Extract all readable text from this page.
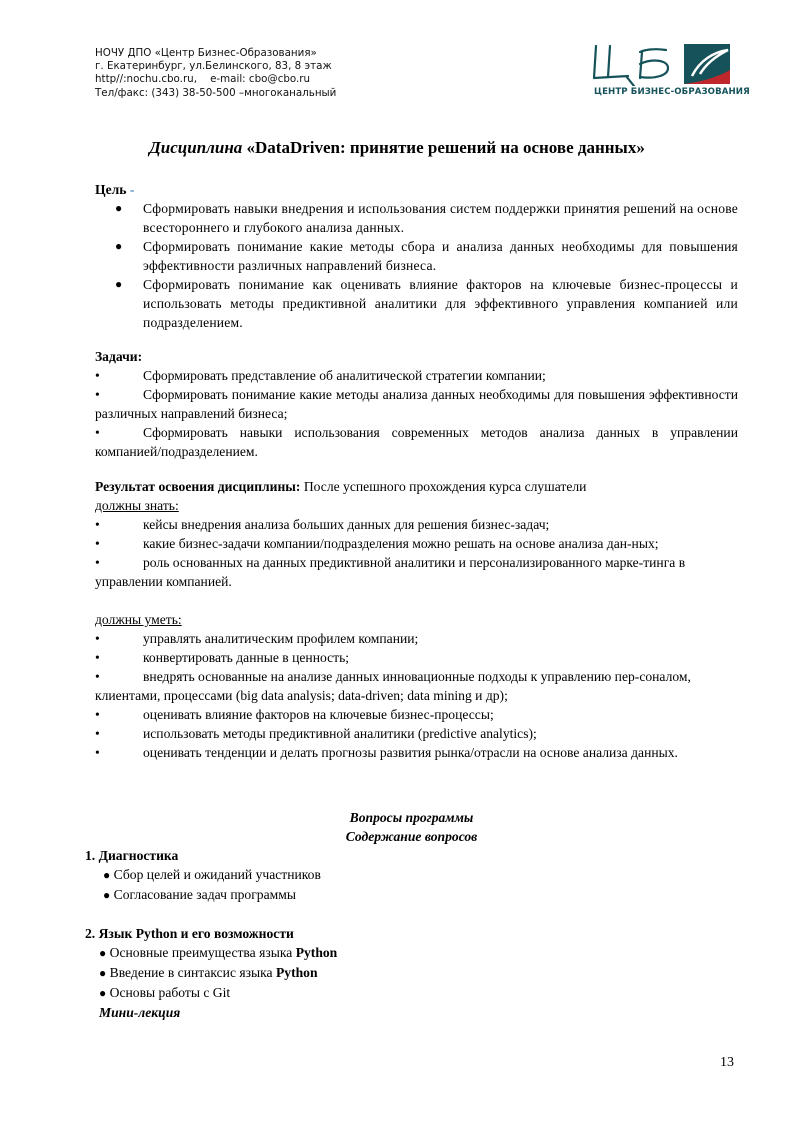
НОЧУ ДПО «Центр Бизнес-Образования»
г. Екатеринбург, ул.Белинского, 83, 8 этаж
http//:nochu.cbo.ru,    e-mail: cbo@cbo.ru
Тел/факс: (343) 38-50-500 –многоканальный	ЦЕНТР БИЗНЕС-ОБРАЗОВАНИЯ
Дисциплина «DataDriven: принятие решений на основе данных»
Цель -
● Сформировать навыки внедрения и использования систем поддержки принятия решений на основе всестороннего и глубокого анализа данных.
● Сформировать понимание какие методы сбора и анализа данных необходимы для повышения эффективности различных направлений бизнеса.
● Сформировать понимание как оценивать влияние факторов на ключевые бизнес-процессы и использовать методы предиктивной аналитики для эффективного управления компанией или подразделением.
Задачи:
•	Сформировать представление об аналитической стратегии компании;
•	Сформировать понимание какие методы анализа данных необходимы для повышения эффективности различных направлений бизнеса;
•	Сформировать навыки использования современных методов анализа данных в управлении компанией/подразделением.
Результат освоения дисциплины: После успешного прохождения курса слушатели
должны знать:
•	кейсы внедрения анализа больших данных для решения бизнес-задач;
•	какие бизнес-задачи компании/подразделения можно решать на основе анализа дан-ных;
•	роль основанных на данных предиктивной аналитики и персонализированного марке-тинга в управлении компанией.
должны уметь:
•	управлять аналитическим профилем компании;
•	конвертировать данные в ценность;
•	внедрять основанные на анализе данных инновационные подходы к управлению пер-соналом, клиентами, процессами (big data analysis; data-driven; data mining и др);
•	оценивать влияние факторов на ключевые бизнес-процессы;
•	использовать методы предиктивной аналитики (predictive analytics);
•	оценивать тенденции и делать прогнозы развития рынка/отрасли на основе анализа данных.
Вопросы программы
Содержание вопросов
1. Диагностика
● Сбор целей и ожиданий участников
● Согласование задач программы
2. Язык Python и его возможности
● Основные преимущества языка Python
● Введение в синтаксис языка Python
● Основы работы с Git
Мини-лекция
13
